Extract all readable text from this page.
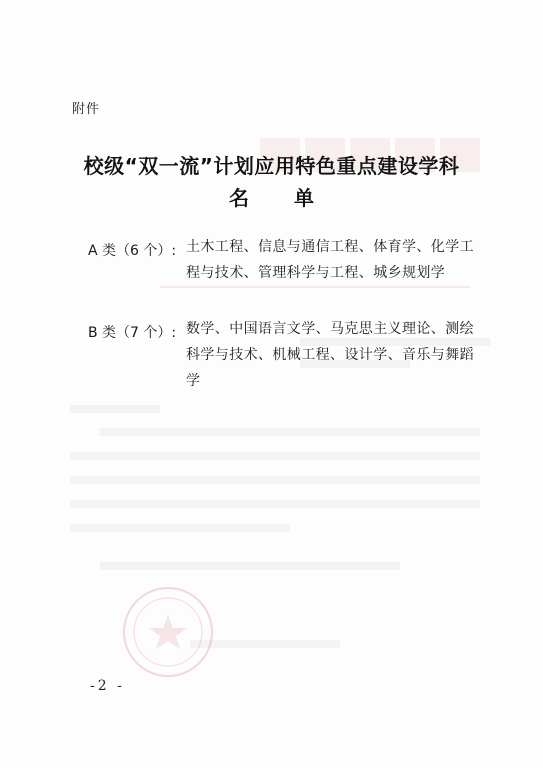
附件
校级“双一流”计划应用特色重点建设学科
名 单
A 类（6 个）: 土木工程、信息与通信工程、体育学、化学工程与技术、管理科学与工程、城乡规划学
B 类（7 个）: 数学、中国语言文学、马克思主义理论、测绘科学与技术、机械工程、设计学、音乐与舞蹈学
-2 -
